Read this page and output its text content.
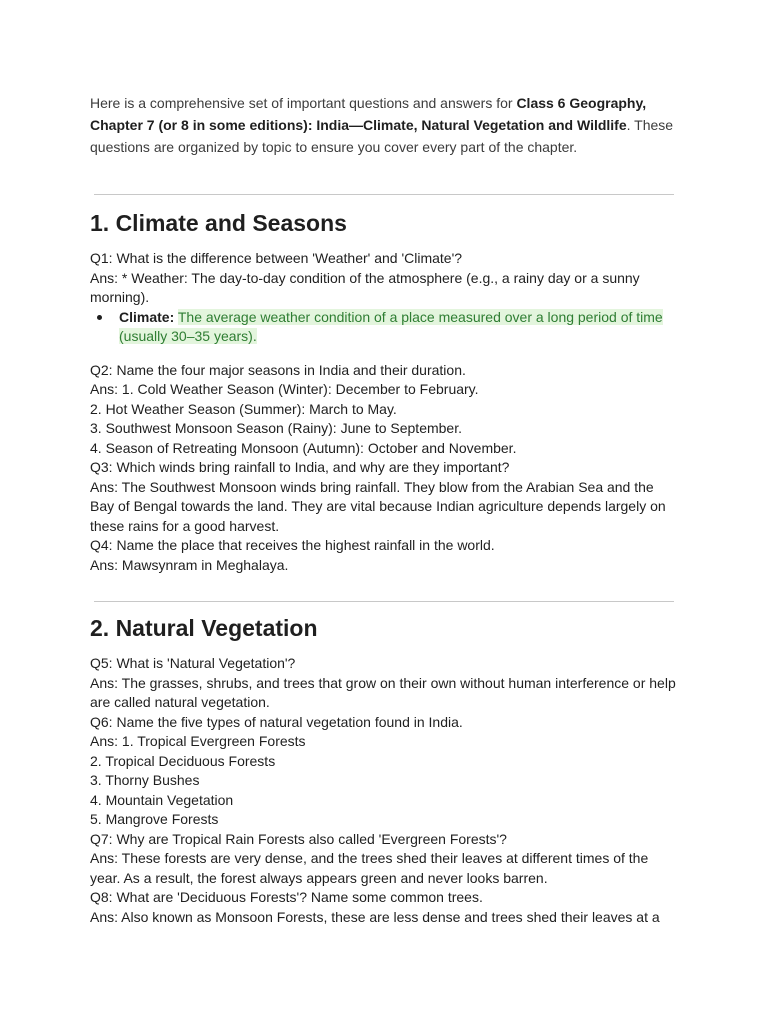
Here is a comprehensive set of important questions and answers for Class 6 Geography, Chapter 7 (or 8 in some editions): India—Climate, Natural Vegetation and Wildlife. These questions are organized by topic to ensure you cover every part of the chapter.

1. Climate and Seasons

Q1: What is the difference between 'Weather' and 'Climate'?

Ans: * Weather: The day-to-day condition of the atmosphere (e.g., a rainy day or a sunny morning).

Climate: The average weather condition of a place measured over a long period of time (usually 30–35 years).

Q2: Name the four major seasons in India and their duration.

Ans: 1. Cold Weather Season (Winter): December to February.

2. Hot Weather Season (Summer): March to May.

3. Southwest Monsoon Season (Rainy): June to September.

4. Season of Retreating Monsoon (Autumn): October and November.

Q3: Which winds bring rainfall to India, and why are they important?

Ans: The Southwest Monsoon winds bring rainfall. They blow from the Arabian Sea and the Bay of Bengal towards the land. They are vital because Indian agriculture depends largely on these rains for a good harvest.

Q4: Name the place that receives the highest rainfall in the world.

Ans: Mawsynram in Meghalaya.

2. Natural Vegetation

Q5: What is 'Natural Vegetation'?

Ans: The grasses, shrubs, and trees that grow on their own without human interference or help are called natural vegetation.

Q6: Name the five types of natural vegetation found in India.

Ans: 1. Tropical Evergreen Forests

2. Tropical Deciduous Forests

3. Thorny Bushes

4. Mountain Vegetation

5. Mangrove Forests

Q7: Why are Tropical Rain Forests also called 'Evergreen Forests'?

Ans: These forests are very dense, and the trees shed their leaves at different times of the year. As a result, the forest always appears green and never looks barren.

Q8: What are 'Deciduous Forests'? Name some common trees.

Ans: Also known as Monsoon Forests, these are less dense and trees shed their leaves at a
